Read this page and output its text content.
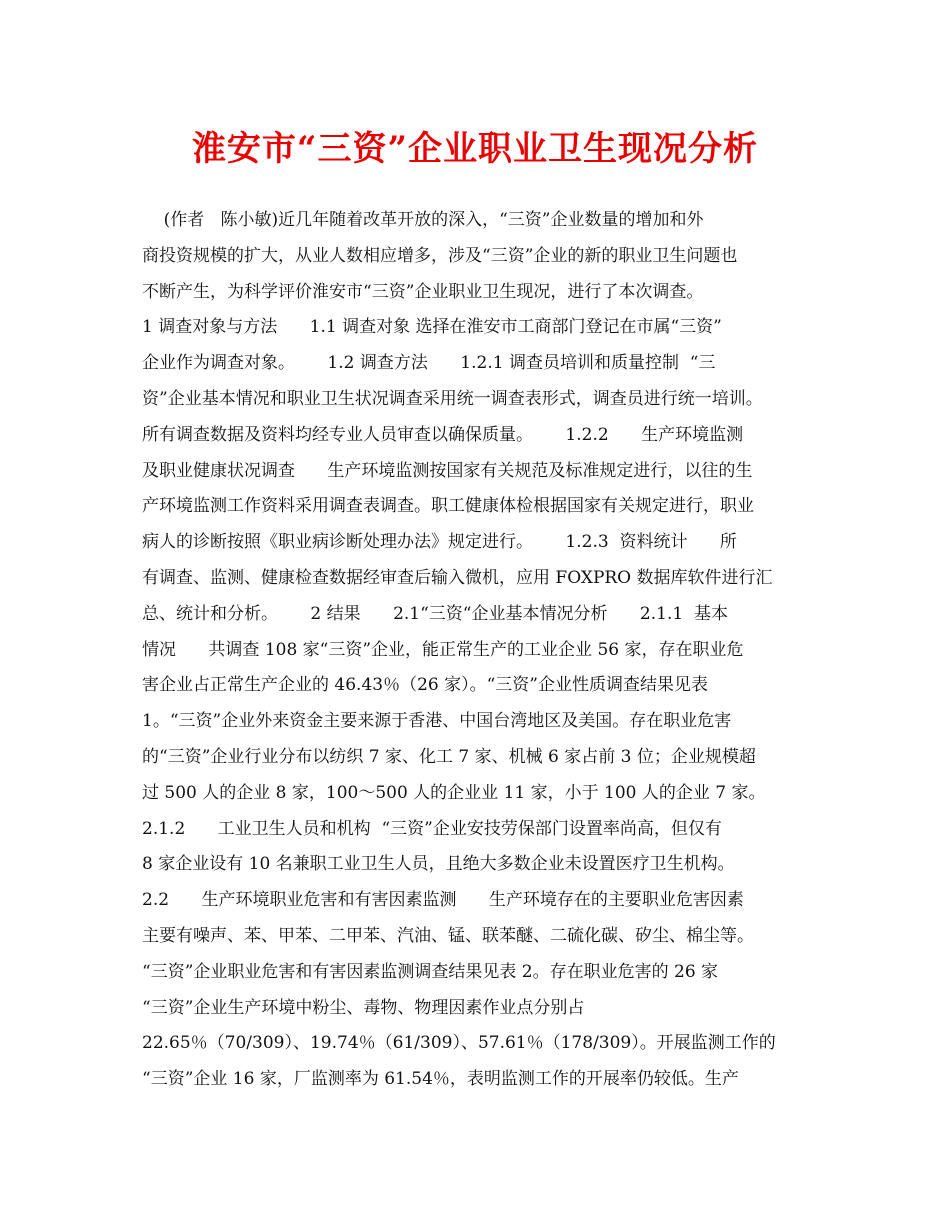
淮安市“三资”企业职业卫生现况分析
(作者   陈小敏)近几年随着改革开放的深入，“三资”企业数量的增加和外
商投资规模的扩大，从业人数相应增多，涉及“三资”企业的新的职业卫生问题也
不断产生，为科学评价淮安市“三资”企业职业卫生现况，进行了本次调查。
1 调查对象与方法      1.1 调查对象 选择在淮安市工商部门登记在市属“三资”
企业作为调查对象。      1.2 调查方法      1.2.1 调查员培训和质量控制  “三
资”企业基本情况和职业卫生状况调查采用统一调查表形式，调查员进行统一培训。
所有调查数据及资料均经专业人员审查以确保质量。      1.2.2      生产环境监测
及职业健康状况调查      生产环境监测按国家有关规范及标准规定进行，以往的生
产环境监测工作资料采用调查表调查。职工健康体检根据国家有关规定进行，职业
病人的诊断按照《职业病诊断处理办法》规定进行。      1.2.3  资料统计      所
有调查、监测、健康检查数据经审查后输入微机，应用 FOXPRO 数据库软件进行汇
总、统计和分析。      2 结果      2.1“三资“企业基本情况分析      2.1.1  基本
情况      共调查 108 家“三资”企业，能正常生产的工业企业 56 家，存在职业危
害企业占正常生产企业的 46.43％（26 家）。“三资”企业性质调查结果见表
1。“三资”企业外来资金主要来源于香港、中国台湾地区及美国。存在职业危害
的“三资”企业行业分布以纺织 7 家、化工 7 家、机械 6 家占前 3 位；企业规模超
过 500 人的企业 8 家，100～500 人的企业业 11 家，小于 100 人的企业 7 家。
2.1.2      工业卫生人员和机构  “三资”企业安技劳保部门设置率尚高，但仅有
8 家企业设有 10 名兼职工业卫生人员，且绝大多数企业未设置医疗卫生机构。
2.2      生产环境职业危害和有害因素监测      生产环境存在的主要职业危害因素
主要有噪声、苯、甲苯、二甲苯、汽油、锰、联苯醚、二硫化碳、矽尘、棉尘等。
“三资”企业职业危害和有害因素监测调查结果见表 2。存在职业危害的 26 家
“三资”企业生产环境中粉尘、毒物、物理因素作业点分别占
22.65％（70/309）、19.74％（61/309）、57.61％（178/309）。开展监测工作的
“三资”企业 16 家，厂监测率为 61.54％，表明监测工作的开展率仍较低。生产
